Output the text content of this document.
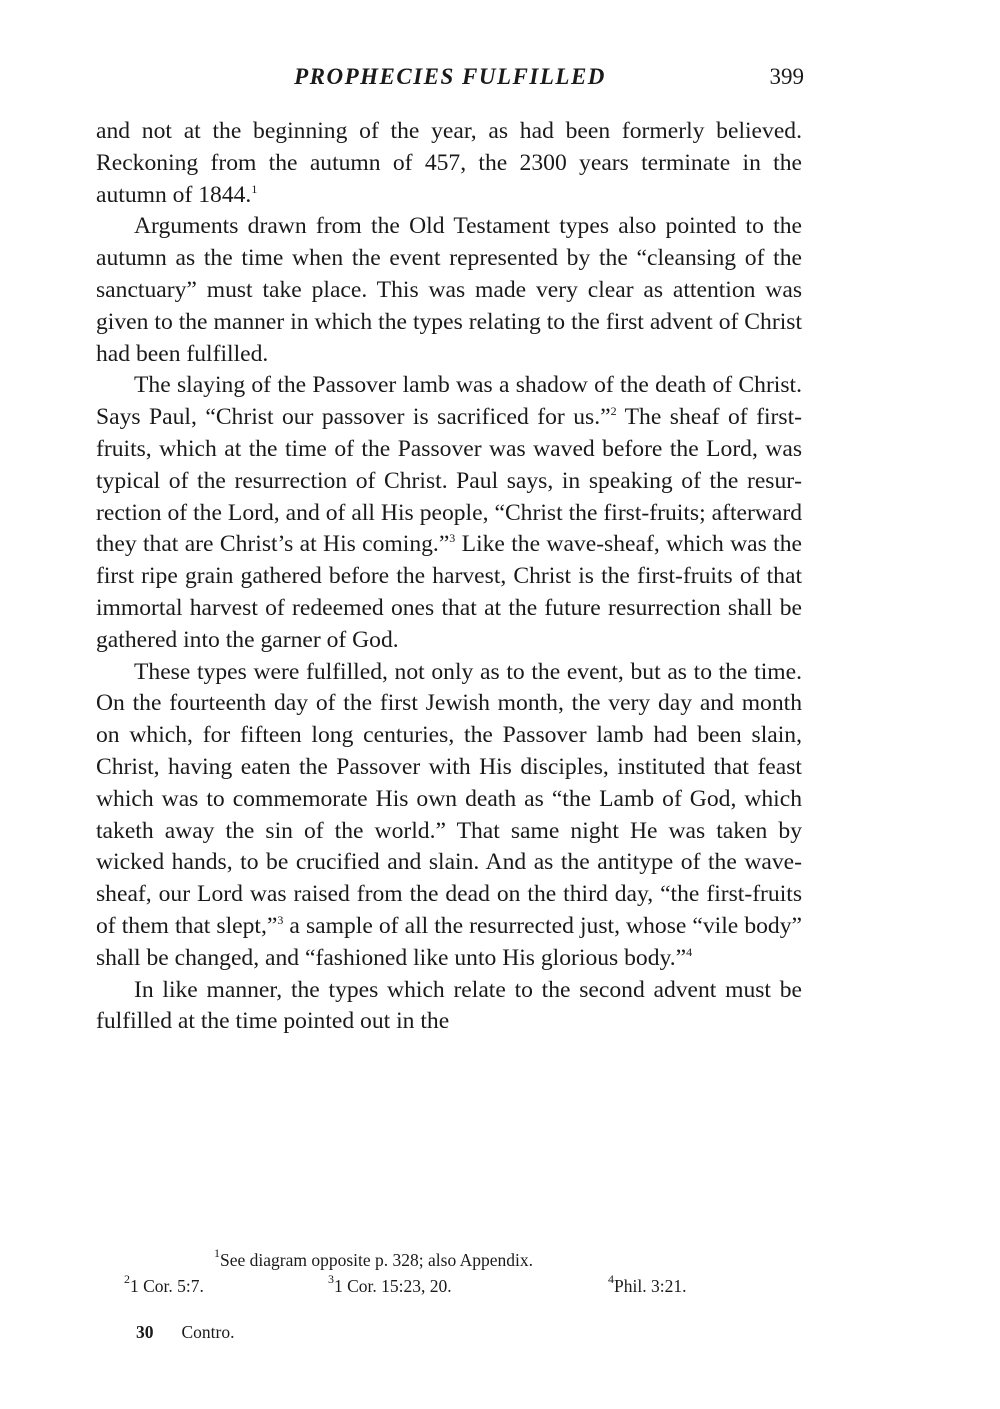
PROPHECIES FULFILLED	399

and not at the beginning of the year, as had been formerly believed. Reckoning from the autumn of 457, the 2300 years terminate in the autumn of 1844.$^1$

Arguments drawn from the Old Testament types also pointed to the autumn as the time when the event represented by the “cleansing of the sanctuary” must take place. This was made very clear as attention was given to the manner in which the types relating to the first advent of Christ had been fulfilled.

The slaying of the Passover lamb was a shadow of the death of Christ. Says Paul, “Christ our passover is sacrificed for us.”$^2$ The sheaf of first-fruits, which at the time of the Passover was waved before the Lord, was typical of the resurrection of Christ. Paul says, in speaking of the resurrection of the Lord, and of all His people, “Christ the first-fruits; afterward they that are Christ’s at His coming.”$^3$ Like the wave-sheaf, which was the first ripe grain gathered before the harvest, Christ is the first-fruits of that immortal harvest of redeemed ones that at the future resurrection shall be gathered into the garner of God.

These types were fulfilled, not only as to the event, but as to the time. On the fourteenth day of the first Jewish month, the very day and month on which, for fifteen long centuries, the Passover lamb had been slain, Christ, having eaten the Passover with His disciples, instituted that feast which was to commemorate His own death as “the Lamb of God, which taketh away the sin of the world.” That same night He was taken by wicked hands, to be crucified and slain. And as the antitype of the wave-sheaf, our Lord was raised from the dead on the third day, “the first-fruits of them that slept,”$^3$ a sample of all the resurrected just, whose “vile body” shall be changed, and “fashioned like unto His glorious body.”$^4$

In like manner, the types which relate to the second advent must be fulfilled at the time pointed out in the

$^1$See diagram opposite p. 328; also Appendix.
$^2$1 Cor. 5:7.	$^3$1 Cor. 15:23, 20.	$^4$Phil. 3:21.
30 Contro.
